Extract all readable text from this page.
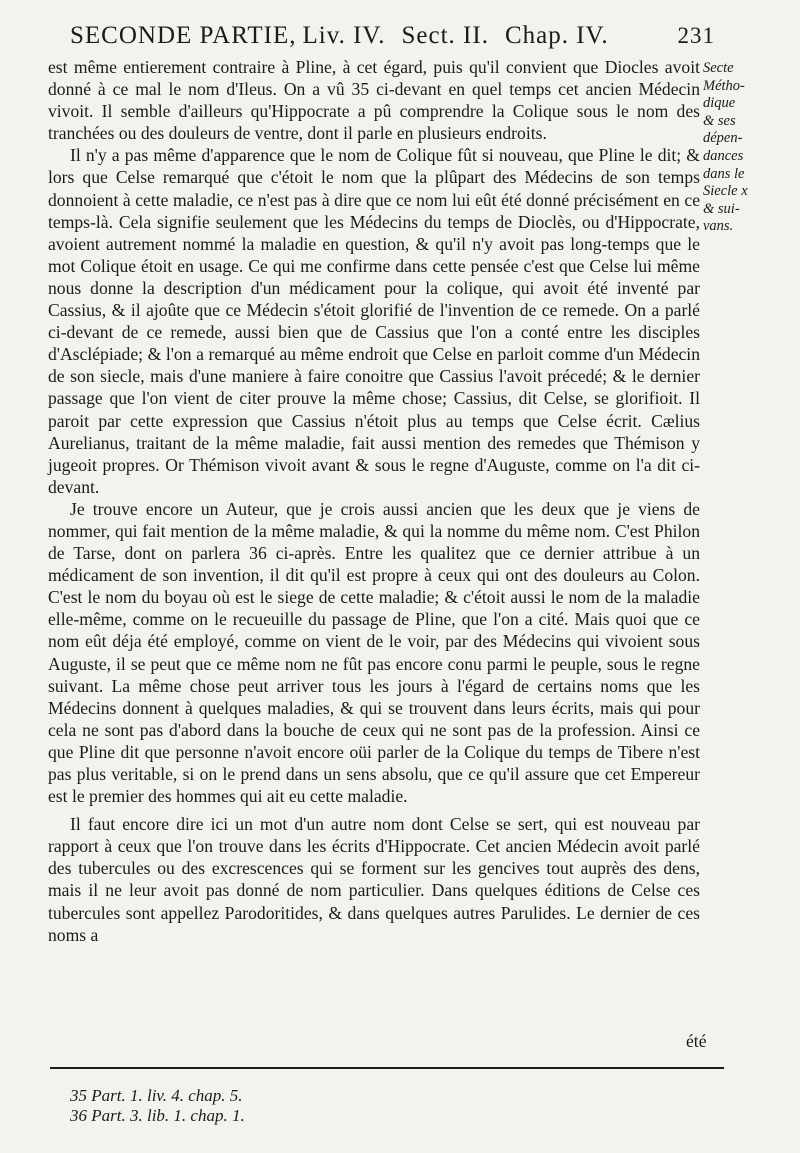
SECONDE PARTIE, Liv. IV. Sect. II. Chap. IV.	231

est même entierement contraire à Pline, à cet égard, puis qu'il convient que Diocles avoit donné à ce mal le nom d'Ileus. On a vû 35 ci-devant en quel temps cet ancien Médecin vivoit. Il semble d'ailleurs qu'Hippocrate a pû comprendre la Colique sous le nom des tranchées ou des douleurs de ventre, dont il parle en plusieurs endroits.

Il n'y a pas même d'apparence que le nom de Colique fût si nouveau, que Pline le dit; & lors que Celse remarqué que c'étoit le nom que la plûpart des Médecins de son temps donnoient à cette maladie, ce n'est pas à dire que ce nom lui eût été donné précisément en ce temps-là. Cela signifie seulement que les Médecins du temps de Dioclès, ou d'Hippocrate, avoient autrement nommé la maladie en question, & qu'il n'y avoit pas long-temps que le mot Colique étoit en usage. Ce qui me confirme dans cette pensée c'est que Celse lui même nous donne la description d'un médicament pour la colique, qui avoit été inventé par Cassius, & il ajoûte que ce Médecin s'étoit glorifié de l'invention de ce remede. On a parlé ci-devant de ce remede, aussi bien que de Cassius que l'on a conté entre les disciples d'Asclépiade; & l'on a remarqué au même endroit que Celse en parloit comme d'un Médecin de son siecle, mais d'une maniere à faire conoitre que Cassius l'avoit précedé; & le dernier passage que l'on vient de citer prouve la même chose; Cassius, dit Celse, se glorifioit. Il paroit par cette expression que Cassius n'étoit plus au temps que Celse écrit. Cælius Aurelianus, traitant de la même maladie, fait aussi mention des remedes que Thémison y jugeoit propres. Or Thémison vivoit avant & sous le regne d'Auguste, comme on l'a dit ci-devant.

Je trouve encore un Auteur, que je crois aussi ancien que les deux que je viens de nommer, qui fait mention de la même maladie, & qui la nomme du même nom. C'est Philon de Tarse, dont on parlera 36 ci-après. Entre les qualitez que ce dernier attribue à un médicament de son invention, il dit qu'il est propre à ceux qui ont des douleurs au Colon. C'est le nom du boyau où est le siege de cette maladie; & c'étoit aussi le nom de la maladie elle-même, comme on le recueuille du passage de Pline, que l'on a cité. Mais quoi que ce nom eût déja été employé, comme on vient de le voir, par des Médecins qui vivoient sous Auguste, il se peut que ce même nom ne fût pas encore conu parmi le peuple, sous le regne suivant. La même chose peut arriver tous les jours à l'égard de certains noms que les Médecins donnent à quelques maladies, & qui se trouvent dans leurs écrits, mais qui pour cela ne sont pas d'abord dans la bouche de ceux qui ne sont pas de la profession. Ainsi ce que Pline dit que personne n'avoit encore oüi parler de la Colique du temps de Tibere n'est pas plus veritable, si on le prend dans un sens absolu, que ce qu'il assure que cet Empereur est le premier des hommes qui ait eu cette maladie.

Il faut encore dire ici un mot d'un autre nom dont Celse se sert, qui est nouveau par rapport à ceux que l'on trouve dans les écrits d'Hippocrate. Cet ancien Médecin avoit parlé des tubercules ou des excrescences qui se forment sur les gencives tout auprès des dens, mais il ne leur avoit pas donné de nom particulier. Dans quelques éditions de Celse ces tubercules sont appellez Parodoritides, & dans quelques autres Parulides. Le dernier de ces noms a

Secte
Métho-
dique
& ses
dépen-
dances
dans le
Siecle x
& sui-
vans.
été
35 Part. 1. liv. 4. chap. 5.
36 Part. 3. lib. 1. chap. 1.
